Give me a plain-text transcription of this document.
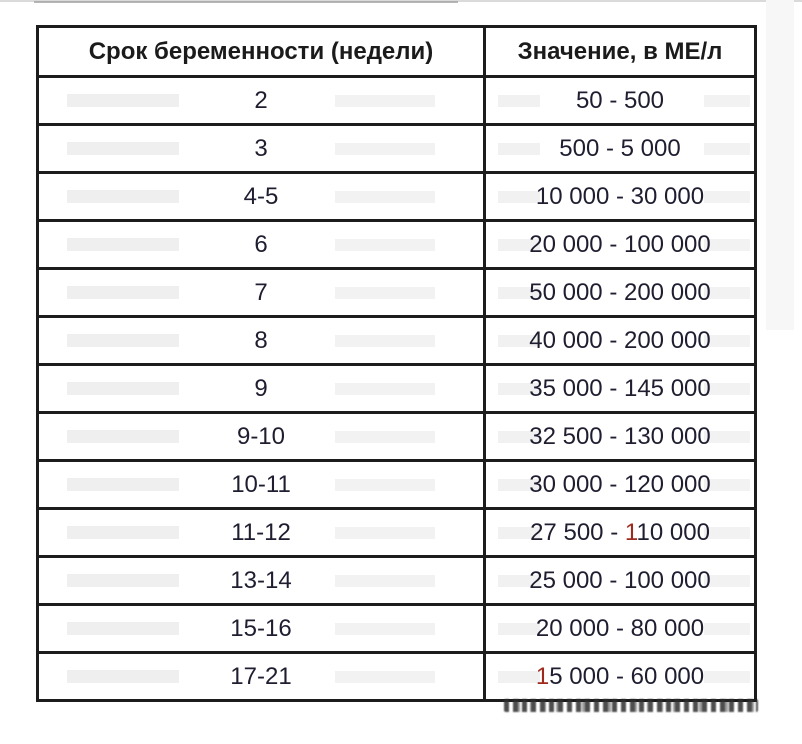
Срок беременности (недели)	Значение, в МЕ/л
2	50 - 500
3	500 - 5 000
4-5	10 000 - 30 000
6	20 000 - 100 000
7	50 000 - 200 000
8	40 000 - 200 000
9	35 000 - 145 000
9-10	32 500 - 130 000
10-11	30 000 - 120 000
11-12	27 500 - 110 000
13-14	25 000 - 100 000
15-16	20 000 - 80 000
17-21	15 000 - 60 000
